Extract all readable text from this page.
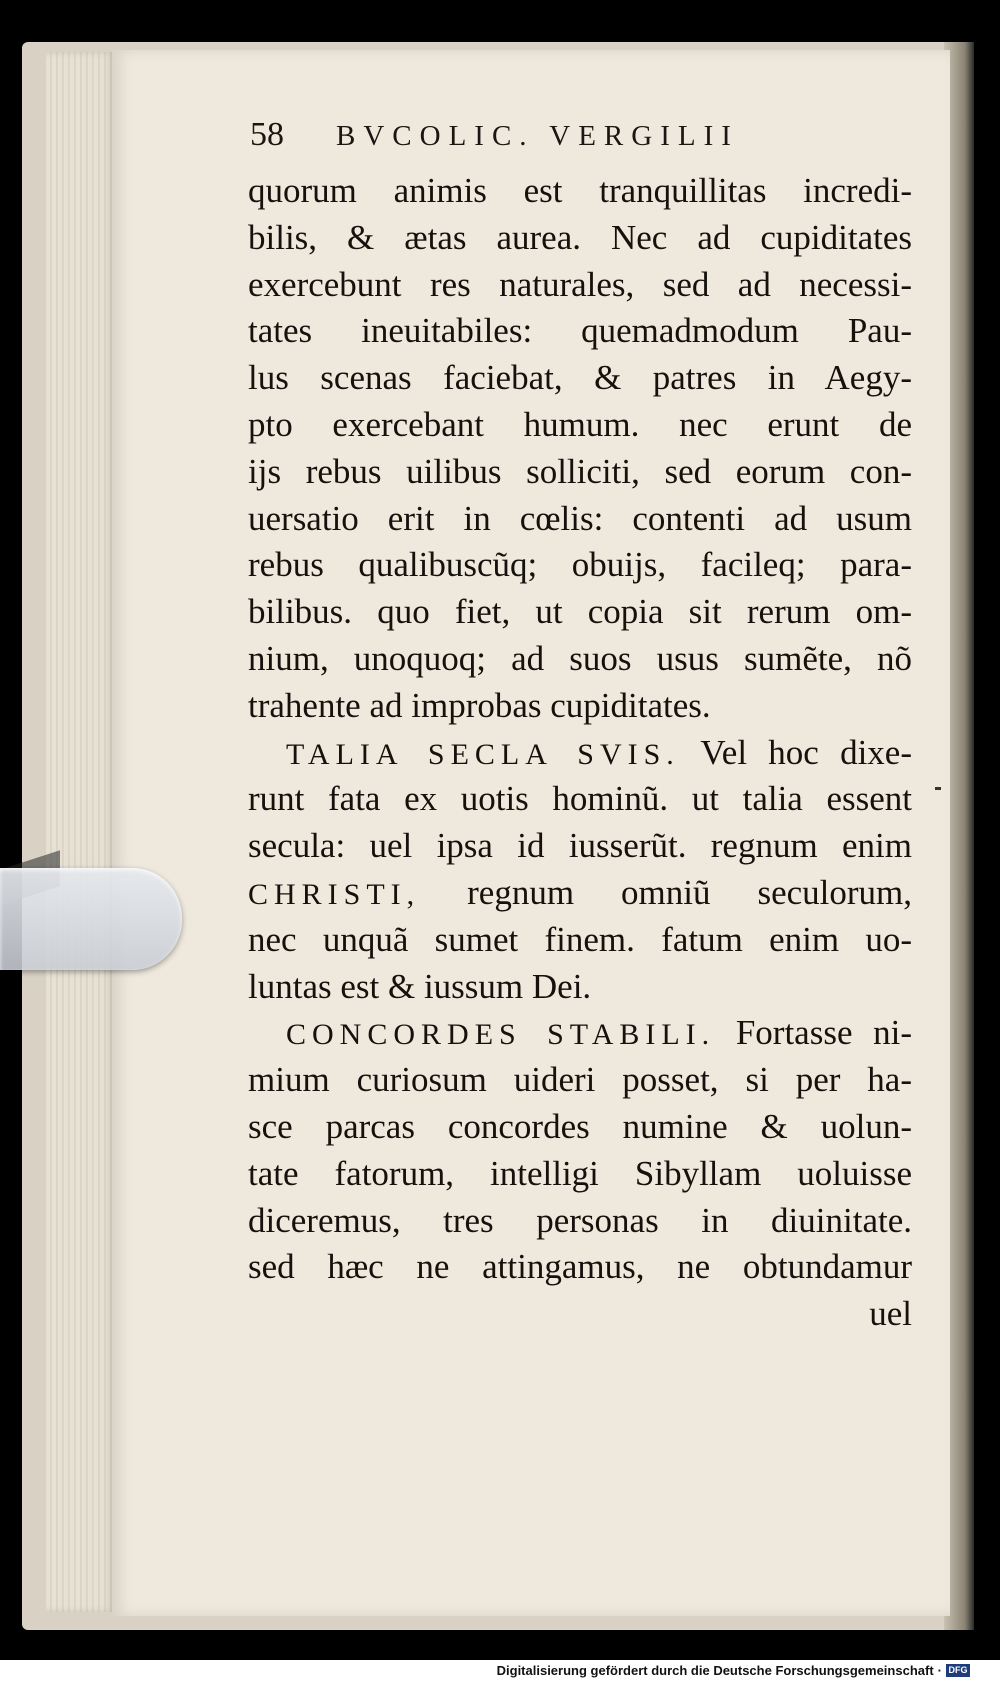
58 BVCOLIC. VERGILII
quorum animis est tranquillitas incredi-
bilis, & ætas aurea. Nec ad cupiditates
exercebunt res naturales, sed ad necessi-
tates ineuitabiles: quemadmodum Pau-
lus scenas faciebat, & patres in Aegy-
pto exercebant humum. nec erunt de
ijs rebus uilibus solliciti, sed eorum con-
uersatio erit in cœlis: contenti ad usum
rebus qualibuscũq; obuijs, facileq; para-
bilibus. quo fiet, ut copia sit rerum om-
nium, unoquoq; ad suos usus sumẽte, nõ
trahente ad improbas cupiditates.
TALIA SECLA SVIS. Vel hoc dixe-
runt fata ex uotis hominũ. ut talia essent
secula: uel ipsa id iusserũt. regnum enim
CHRISTI, regnum omniũ seculorum,
nec unquã sumet finem. fatum enim uo-
luntas est & iussum Dei.
CONCORDES STABILI. Fortasse ni-
mium curiosum uideri posset, si per ha-
sce parcas concordes numine & uolun-
tate fatorum, intelligi Sibyllam uoluisse
diceremus, tres personas in diuinitate.
sed hæc ne attingamus, ne obtundamur
uel
Digitalisierung gefördert durch die Deutsche Forschungsgemeinschaft · DFG
